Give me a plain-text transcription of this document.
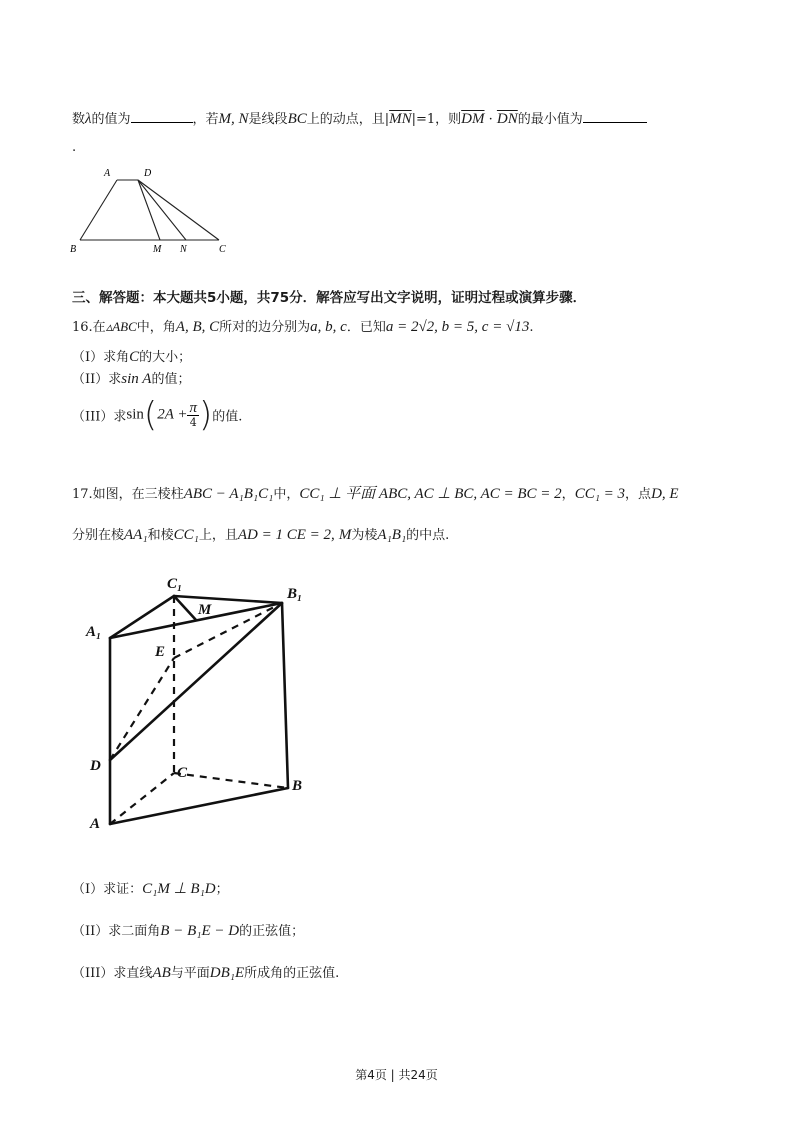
数λ的值为	，若M, N是线段BC上的动点，且$|\overline{MN}|=1$，则$\overline{DM} \cdot \overline{DN}$的最小值为
.
A	D
B	M N	C
三、解答题：本大题共5小题，共75分．解答应写出文字说明，证明过程或演算步骤．
16.在▵ABC中，角A, B, C所对的边分别为a, b, c．已知a = 2√2, b = 5, c = √13.
（I）求角C的大小；
（II）求sin A的值；
（III）求$\sin(2A + \frac{\pi}{4}$ )的值.
17.如图，在三棱柱ABC − A₁B₁C₁中，CC₁ ⊥ 平面 ABC, AC ⊥ BC, AC = BC = 2，CC₁ = 3，点D, E
分别在棱AA₁和棱CC₁上，且AD = 1 CE = 2, M为棱A₁B₁的中点.
C₁
B₁
A₁
M
E
D	C
B
A
（I）求证：C₁M ⊥ B₁D；
（II）求二面角B − B₁E − D的正弦值；
（III）求直线AB与平面DB₁E所成角的正弦值.
第4页 | 共24页
